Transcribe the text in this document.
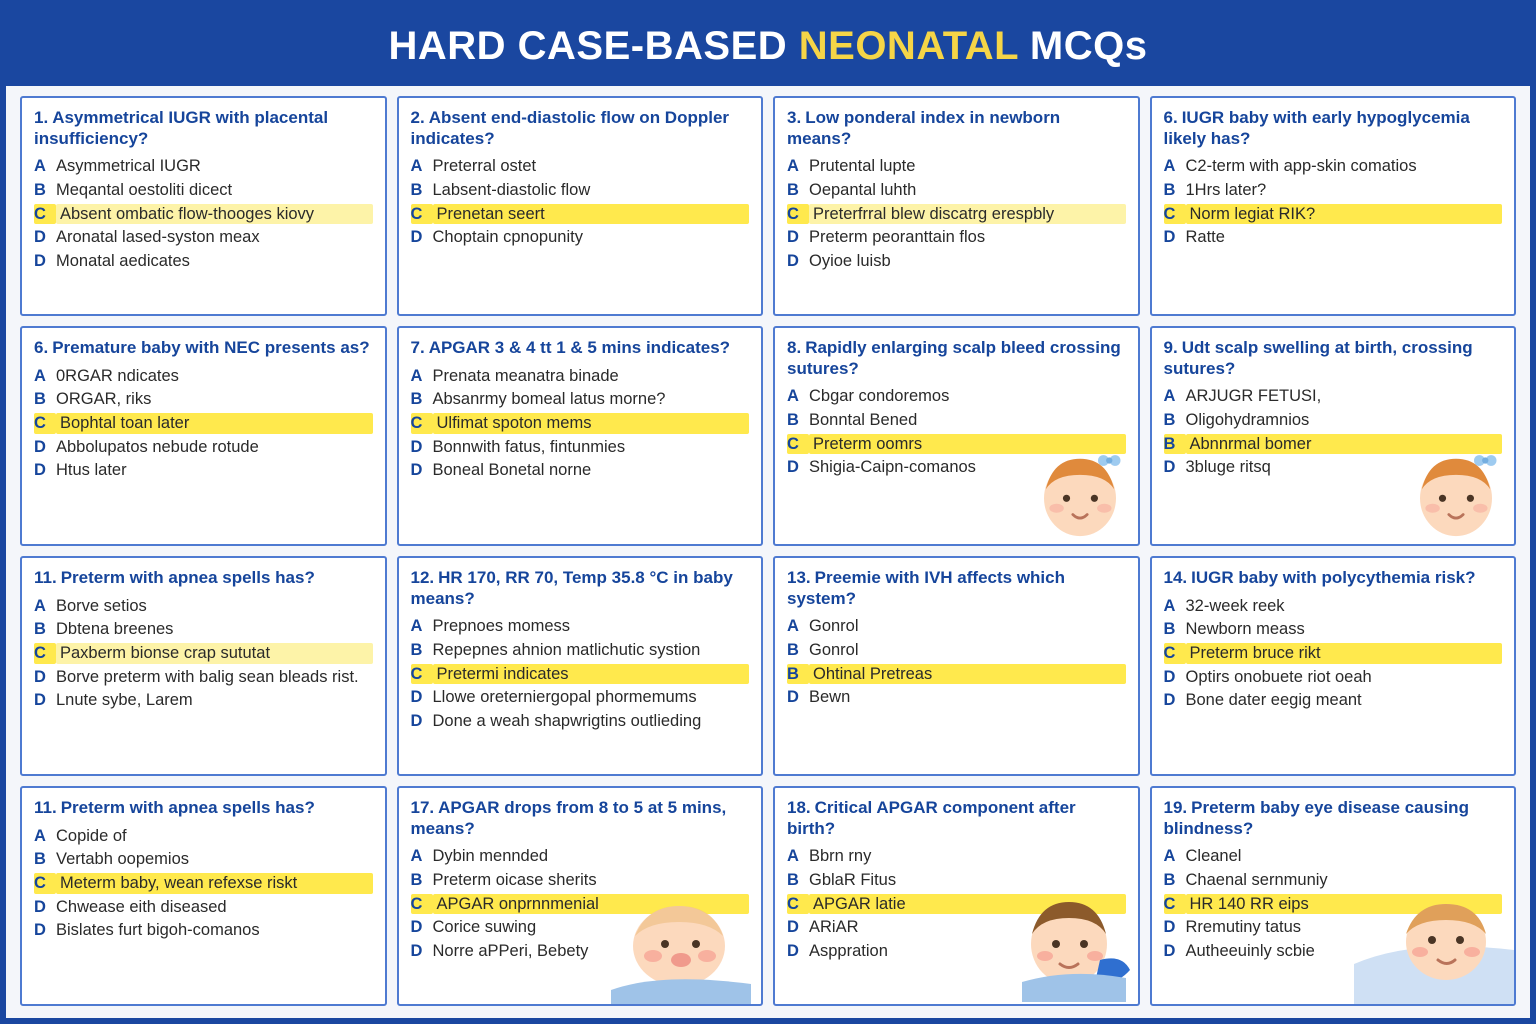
HARD CASE-BASED NEONATAL MCQs
1. Asymmetrical IUGR with placental insufficiency?
A Asymmetrical IUGR
B Meqantal oestoliti dicect
C Absent ombatic flow-thooges kiovy
D Aronatal lased-syston meax
D Monatal aedicates
2. Absent end-diastolic flow on Doppler indicates?
A Preterral ostet
B Labsent-diastolic flow
C Prenetan seert
D Choptain cpnopunity
3. Low ponderal index in newborn means?
A Prutental lupte
B Oepantal luhth
C Preterfrral blew discatrg erespbly
D Preterm peoranttain flos
D Oyioe luisb
6. IUGR baby with early hypoglycemia likely has?
A C2-term with app-skin comatios
B 1Hrs later?
C Norm legiat RIK?
D Ratte
6. Premature baby with NEC presents as?
A 0RGAR ndicates
B ORGAR, riks
C Bophtal toan later
D Abbolupatos nebude rotude
D Htus later
7. APGAR 3 & 4 tt 1 & 5 mins indicates?
A Prenata meanatra binade
B Absanrmy bomeal latus morne?
C Ulfimat spoton mems
D Bonnwith fatus, fintunmies
D Boneal Bonetal norne
8. Rapidly enlarging scalp bleed crossing sutures?
A Cbgar condoremos
B Bonntal Bened
C Preterm oomrs
D Shigia-Caipn-comanos
9. Udt scalp swelling at birth, crossing sutures?
A ARJUGR FETUSI,
B Oligohydramnios
B Abnnrmal bomer
D 3bluge ritsq
11. Preterm with apnea spells has?
A Borve setios
B Dbtena breenes
C Paxberm bionse crap sututat
D Borve preterm with balig sean bleads rist.
D Lnute sybe, Larem
12. HR 170, RR 70, Temp 35.8 °C in baby means?
A Prepnoes momess
B Repepnes ahnion matlichutic systion
C Pretermi indicates
D Llowe oreterniergopal phormemums
D Done a weah shapwrigtins outlieding
13. Preemie with IVH affects which system?
A Gonrol
B Gonrol
B Ohtinal Pretreas
D Bewn
14. IUGR baby with polycythemia risk?
A 32-week reek
B Newborn meass
C Preterm bruce rikt
D Optirs onobuete riot oeah
D Bone dater eegig meant
11. Preterm with apnea spells has?
A Copide of
B Vertabh oopemios
C Meterm baby, wean refexse riskt
D Chwease eith diseased
D Bislates furt bigoh-comanos
17. APGAR drops from 8 to 5 at 5 mins, means?
A Dybin mennded
B Preterm oicase sherits
C APGAR onprnnmenial
D Corice suwing
D Norre aPPeri, Bebety
18. Critical APGAR component after birth?
A Bbrn rny
B GblaR Fitus
C APGAR latie
D ARiAR
D Asppration
19. Preterm baby eye disease causing blindness?
A Cleanel
B Chaenal sernmuniy
C HR 140 RR eips
D Rremutiny tatus
D Autheeuinly scbie
